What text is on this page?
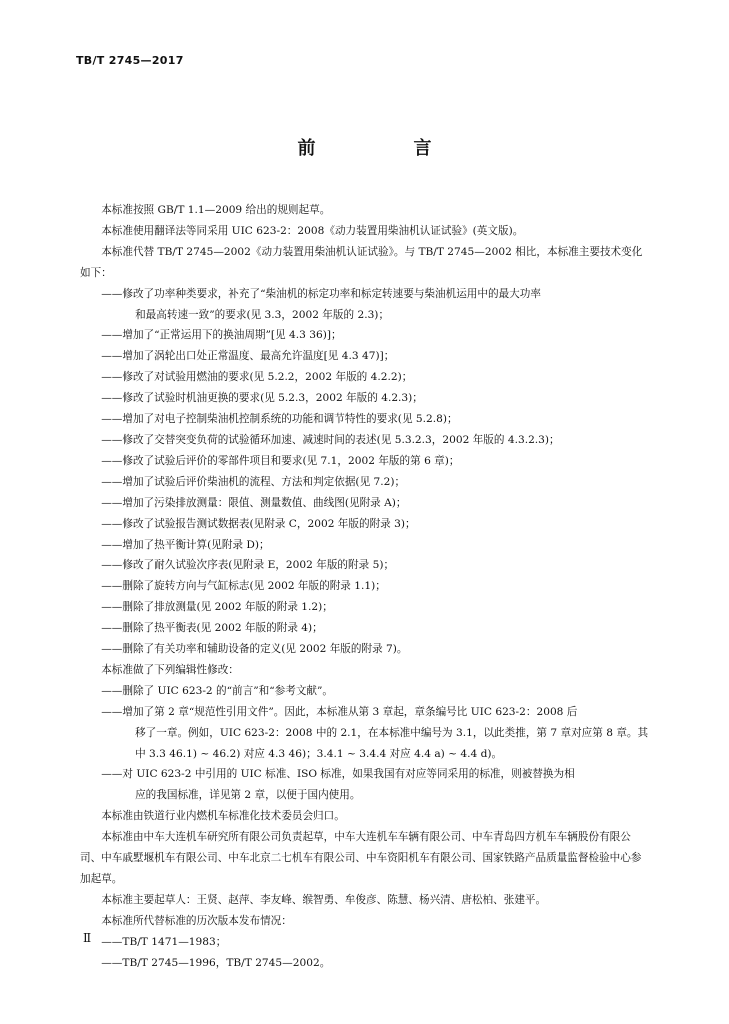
TB/T 2745—2017
前　言

本标准按照 GB/T 1.1—2009 给出的规则起草。

本标准使用翻译法等同采用 UIC 623-2：2008《动力装置用柴油机认证试验》(英文版)。

本标准代替 TB/T 2745—2002《动力装置用柴油机认证试验》。与 TB/T 2745—2002 相比，本标准主要技术变化如下：

——修改了功率种类要求，补充了“柴油机的标定功率和标定转速要与柴油机运用中的最大功率
和最高转速一致”的要求(见 3.3，2002 年版的 2.3)；

——增加了“正常运用下的换油周期”[见 4.3 36)]；

——增加了涡轮出口处正常温度、最高允许温度[见 4.3 47)]；

——修改了对试验用燃油的要求(见 5.2.2，2002 年版的 4.2.2)；

——修改了试验时机油更换的要求(见 5.2.3，2002 年版的 4.2.3)；

——增加了对电子控制柴油机控制系统的功能和调节特性的要求(见 5.2.8)；

——修改了交替突变负荷的试验循环加速、减速时间的表述(见 5.3.2.3，2002 年版的 4.3.2.3)；

——修改了试验后评价的零部件项目和要求(见 7.1，2002 年版的第 6 章)；

——增加了试验后评价柴油机的流程、方法和判定依据(见 7.2)；

——增加了污染排放测量：限值、测量数值、曲线图(见附录 A)；

——修改了试验报告测试数据表(见附录 C，2002 年版的附录 3)；

——增加了热平衡计算(见附录 D)；

——修改了耐久试验次序表(见附录 E，2002 年版的附录 5)；

——删除了旋转方向与气缸标志(见 2002 年版的附录 1.1)；

——删除了排放测量(见 2002 年版的附录 1.2)；

——删除了热平衡表(见 2002 年版的附录 4)；

——删除了有关功率和辅助设备的定义(见 2002 年版的附录 7)。

本标准做了下列编辑性修改：

——删除了 UIC 623-2 的“前言”和“参考文献”。

——增加了第 2 章“规范性引用文件”。因此，本标准从第 3 章起，章条编号比 UIC 623-2：2008 后
移了一章。例如，UIC 623-2：2008 中的 2.1，在本标准中编号为 3.1，以此类推，第 7 章对应第 8 章。其中 3.3 46.1) ~ 46.2) 对应 4.3 46)；3.4.1 ~ 3.4.4 对应 4.4 a) ~ 4.4 d)。

——对 UIC 623-2 中引用的 UIC 标准、ISO 标准，如果我国有对应等同采用的标准，则被替换为相
应的我国标准，详见第 2 章，以便于国内使用。

本标准由铁道行业内燃机车标准化技术委员会归口。

本标准由中车大连机车研究所有限公司负责起草，中车大连机车车辆有限公司、中车青岛四方机车车辆股份有限公司、中车戚墅堰机车有限公司、中车北京二七机车有限公司、中车资阳机车有限公司、国家铁路产品质量监督检验中心参加起草。

本标准主要起草人：王贤、赵萍、李友峰、缑智勇、牟俊彦、陈慧、杨兴清、唐松柏、张建平。

本标准所代替标准的历次版本发布情况：

——TB/T 1471—1983；

——TB/T 2745—1996，TB/T 2745—2002。

Ⅱ
